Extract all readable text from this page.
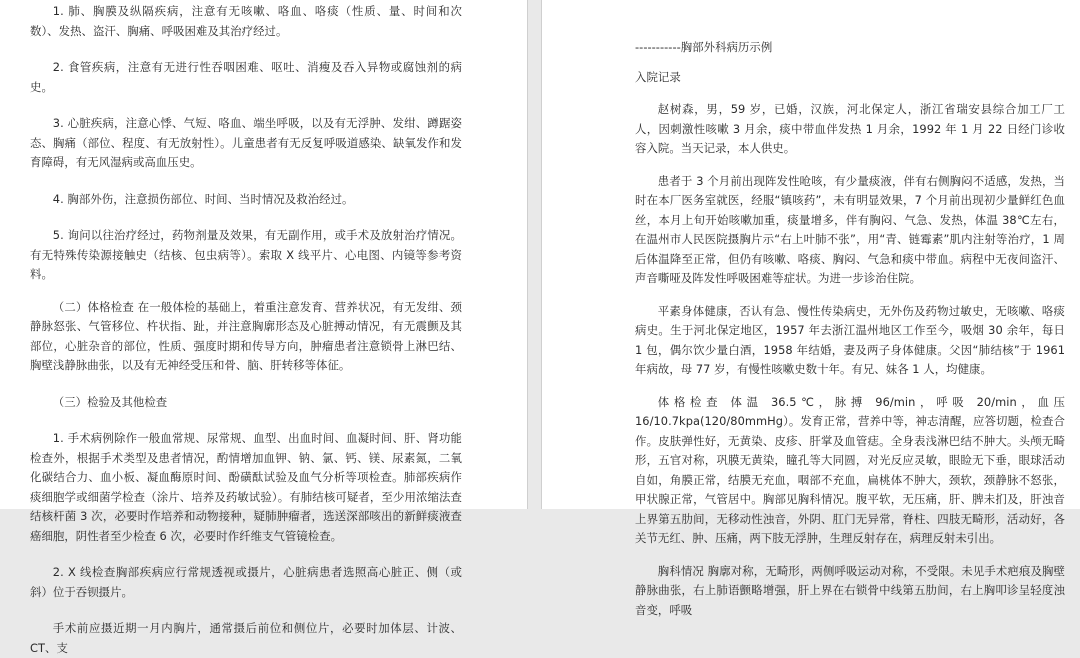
1. 肺、胸膜及纵隔疾病，注意有无咳嗽、咯血、咯痰（性质、量、时间和次数）、发热、盗汗、胸痛、呼吸困难及其治疗经过。

2. 食管疾病，注意有无进行性吞咽困难、呕吐、消瘦及吞入异物或腐蚀剂的病史。

3. 心脏疾病，注意心悸、气短、咯血、端坐呼吸，以及有无浮肿、发绀、蹲踞姿态、胸痛（部位、程度、有无放射性）。儿童患者有无反复呼吸道感染、缺氧发作和发育障碍，有无风湿病或高血压史。

4. 胸部外伤，注意损伤部位、时间、当时情况及救治经过。

5. 询问以往治疗经过，药物剂量及效果，有无副作用，或手术及放射治疗情况。有无特殊传染源接触史（结核、包虫病等）。索取 X 线平片、心电图、内镜等参考资料。

（二）体格检查 在一般体检的基础上，着重注意发育、营养状况，有无发绀、颈静脉怒张、气管移位、杵状指、趾，并注意胸廓形态及心脏搏动情况，有无震颤及其部位，心脏杂音的部位，性质、强度时期和传导方向，肿瘤患者注意锁骨上淋巴结、胸壁浅静脉曲张，以及有无神经受压和骨、脑、肝转移等体征。

（三）检验及其他检查

1. 手术病例除作一般血常规、尿常规、血型、出血时间、血凝时间、肝、肾功能检查外，根据手术类型及患者情况，酌情增加血钾、钠、氯、钙、镁、尿素氮，二氧化碳结合力、血小板、凝血酶原时间、酚磺酞试验及血气分析等项检查。肺部疾病作痰细胞学或细菌学检查（涂片、培养及药敏试验）。有肺结核可疑者，至少用浓缩法查结核杆菌 3 次，必要时作培养和动物接种，疑肺肿瘤者，选送深部咳出的新鲜痰液查癌细胞，阴性者至少检查 6 次，必要时作纤维支气管镜检查。

2. X 线检查胸部疾病应行常规透视或摄片，心脏病患者选照高心脏正、侧（或斜）位于吞钡摄片。

手术前应摄近期一月内胸片，通常摄后前位和侧位片，必要时加体层、计波、CT、支

-----------胸部外科病历示例

入院记录

赵树森，男，59 岁，已婚，汉族，河北保定人，浙江省瑞安县综合加工厂工人，因刺激性咳嗽 3 月余，痰中带血伴发热 1 月余，1992 年 1 月 22 日经门诊收容入院。当天记录，本人供史。

患者于 3 个月前出现阵发性呛咳，有少量痰液，伴有右侧胸闷不适感，发热，当时在本厂医务室就医，经服“镇咳药”，未有明显效果，7 个月前出现初少量鲜红色血丝，本月上旬开始咳嗽加重，痰量增多，伴有胸闷、气急、发热，体温 38℃左右，在温州市人民医院摄胸片示“右上叶肺不张”，用“青、链霉素”肌内注射等治疗，1 周后体温降至正常，但仍有咳嗽、咯痰、胸闷、气急和痰中带血。病程中无夜间盗汗、声音嘶哑及阵发性呼吸困难等症状。为进一步诊治住院。

平素身体健康，否认有急、慢性传染病史，无外伤及药物过敏史，无咳嗽、咯痰病史。生于河北保定地区，1957 年去浙江温州地区工作至今，吸烟 30 余年，每日 1 包，偶尔饮少量白酒，1958 年结婚，妻及两子身体健康。父因“肺结核”于 1961 年病故，母 77 岁，有慢性咳嗽史数十年。有兄、妹各 1 人，均健康。

体格检查 体温 36.5℃，脉搏 96/min，呼吸 20/min，血压 16/10.7kpa(120/80mmHg）。发育正常，营养中等，神志清醒，应答切题，检查合作。皮肤弹性好，无黄染、皮疹、肝掌及血管痣。全身表浅淋巴结不肿大。头颅无畸形，五官对称，巩膜无黄染，瞳孔等大同圆，对光反应灵敏，眼睑无下垂，眼球活动自如，角膜正常，结膜无充血，咽部不充血，扁桃体不肿大，颈软，颈静脉不怒张，甲状腺正常，气管居中。胸部见胸科情况。腹平软，无压痛，肝、脾未扪及，肝浊音上界第五肋间，无移动性浊音，外阴、肛门无异常，脊柱、四肢无畸形，活动好，各关节无红、肿、压痛，两下肢无浮肿，生理反射存在，病理反射未引出。

胸科情况 胸廓对称，无畸形，两侧呼吸运动对称，不受限。未见手术疤痕及胸壁静脉曲张，右上肺语颤略增强，肝上界在右锁骨中线第五肋间，右上胸叩诊呈轻度浊音变，呼吸
